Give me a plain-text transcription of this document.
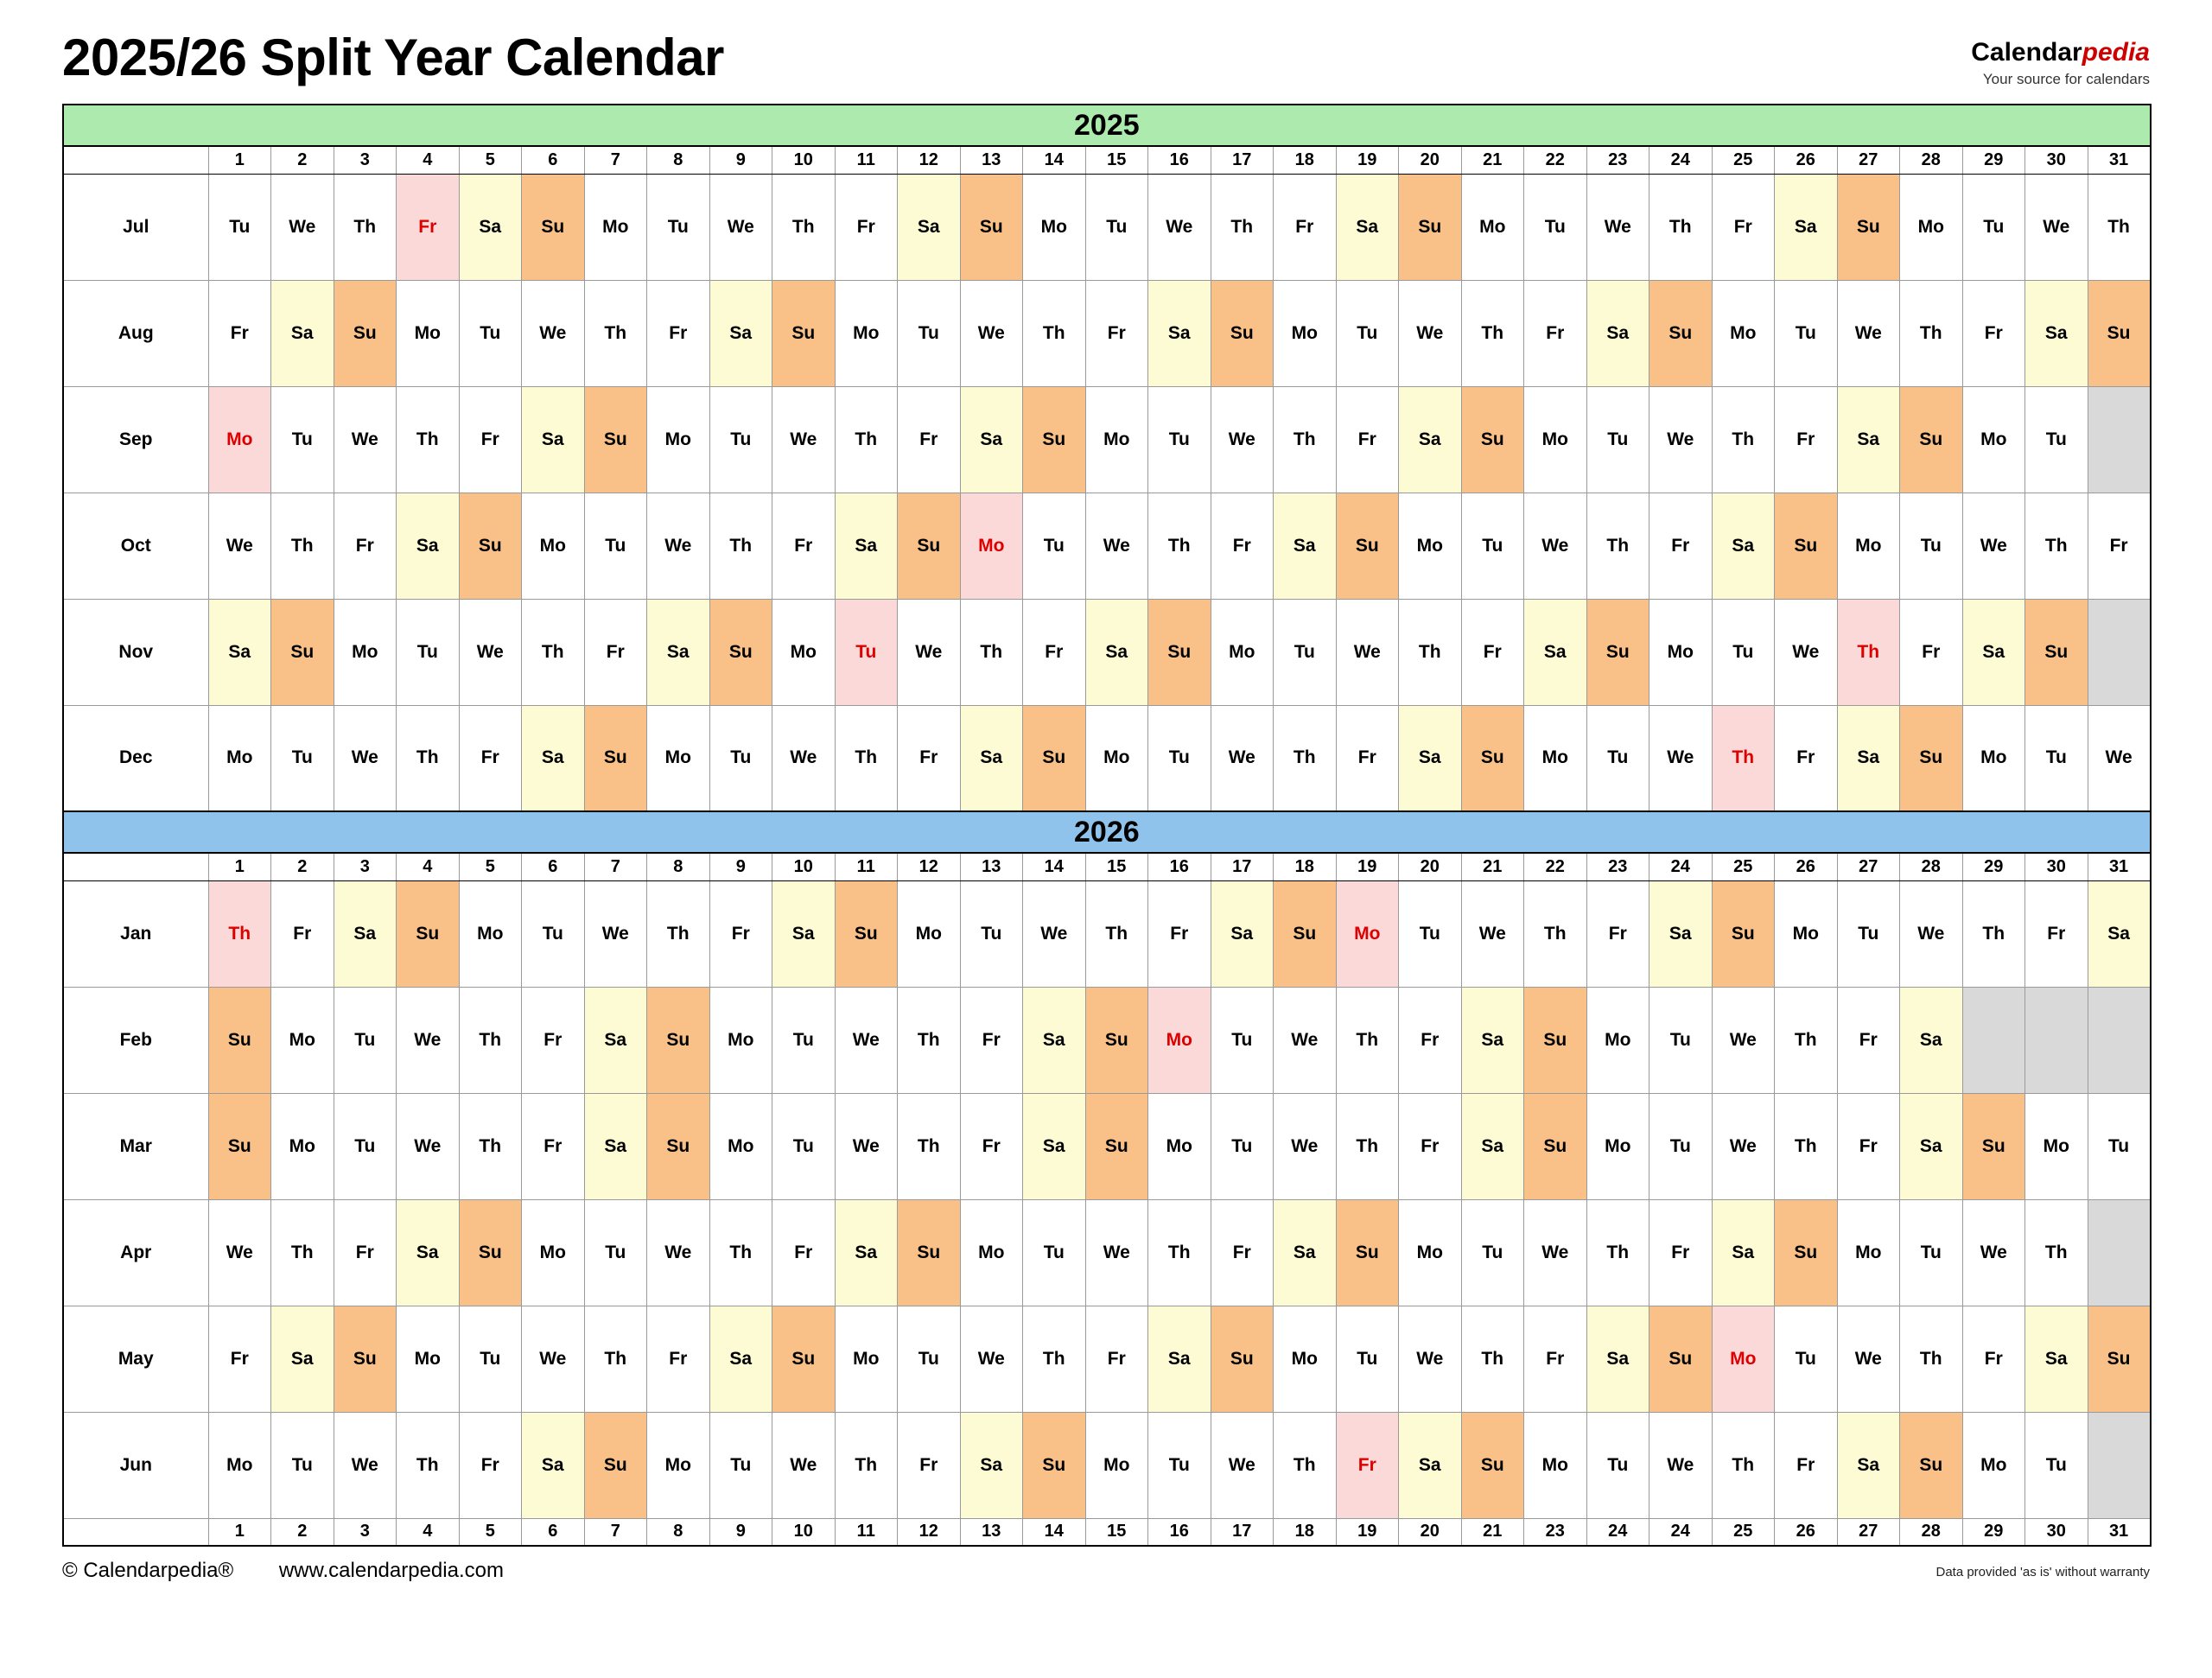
2025/26 Split Year Calendar	Calendarpedia
Your source for calendars
2025																															
	1	2	3	4	5	6	7	8	9	10	11	12	13	14	15	16	17	18	19	20	21	22	23	24	25	26	27	28	29	30	31
Jul	Tu	We	Th	Fr	Sa	Su	Mo	Tu	We	Th	Fr	Sa	Su	Mo	Tu	We	Th	Fr	Sa	Su	Mo	Tu	We	Th	Fr	Sa	Su	Mo	Tu	We	Th
Aug	Fr	Sa	Su	Mo	Tu	We	Th	Fr	Sa	Su	Mo	Tu	We	Th	Fr	Sa	Su	Mo	Tu	We	Th	Fr	Sa	Su	Mo	Tu	We	Th	Fr	Sa	Su
Sep	Mo	Tu	We	Th	Fr	Sa	Su	Mo	Tu	We	Th	Fr	Sa	Su	Mo	Tu	We	Th	Fr	Sa	Su	Mo	Tu	We	Th	Fr	Sa	Su	Mo	Tu	
Oct	We	Th	Fr	Sa	Su	Mo	Tu	We	Th	Fr	Sa	Su	Mo	Tu	We	Th	Fr	Sa	Su	Mo	Tu	We	Th	Fr	Sa	Su	Mo	Tu	We	Th	Fr
Nov	Sa	Su	Mo	Tu	We	Th	Fr	Sa	Su	Mo	Tu	We	Th	Fr	Sa	Su	Mo	Tu	We	Th	Fr	Sa	Su	Mo	Tu	We	Th	Fr	Sa	Su	
Dec	Mo	Tu	We	Th	Fr	Sa	Su	Mo	Tu	We	Th	Fr	Sa	Su	Mo	Tu	We	Th	Fr	Sa	Su	Mo	Tu	We	Th	Fr	Sa	Su	Mo	Tu	We
2026																															
	1	2	3	4	5	6	7	8	9	10	11	12	13	14	15	16	17	18	19	20	21	22	23	24	25	26	27	28	29	30	31
Jan	Th	Fr	Sa	Su	Mo	Tu	We	Th	Fr	Sa	Su	Mo	Tu	We	Th	Fr	Sa	Su	Mo	Tu	We	Th	Fr	Sa	Su	Mo	Tu	We	Th	Fr	Sa
Feb	Su	Mo	Tu	We	Th	Fr	Sa	Su	Mo	Tu	We	Th	Fr	Sa	Su	Mo	Tu	We	Th	Fr	Sa	Su	Mo	Tu	We	Th	Fr	Sa			
Mar	Su	Mo	Tu	We	Th	Fr	Sa	Su	Mo	Tu	We	Th	Fr	Sa	Su	Mo	Tu	We	Th	Fr	Sa	Su	Mo	Tu	We	Th	Fr	Sa	Su	Mo	Tu
Apr	We	Th	Fr	Sa	Su	Mo	Tu	We	Th	Fr	Sa	Su	Mo	Tu	We	Th	Fr	Sa	Su	Mo	Tu	We	Th	Fr	Sa	Su	Mo	Tu	We	Th	
May	Fr	Sa	Su	Mo	Tu	We	Th	Fr	Sa	Su	Mo	Tu	We	Th	Fr	Sa	Su	Mo	Tu	We	Th	Fr	Sa	Su	Mo	Tu	We	Th	Fr	Sa	Su
Jun	Mo	Tu	We	Th	Fr	Sa	Su	Mo	Tu	We	Th	Fr	Sa	Su	Mo	Tu	We	Th	Fr	Sa	Su	Mo	Tu	We	Th	Fr	Sa	Su	Mo	Tu	
	1	2	3	4	5	6	7	8	9	10	11	12	13	14	15	16	17	18	19	20	21	23	24	24	25	26	27	28	29	30	31
© Calendarpedia® www.calendarpedia.com	Data provided 'as is' without warranty
